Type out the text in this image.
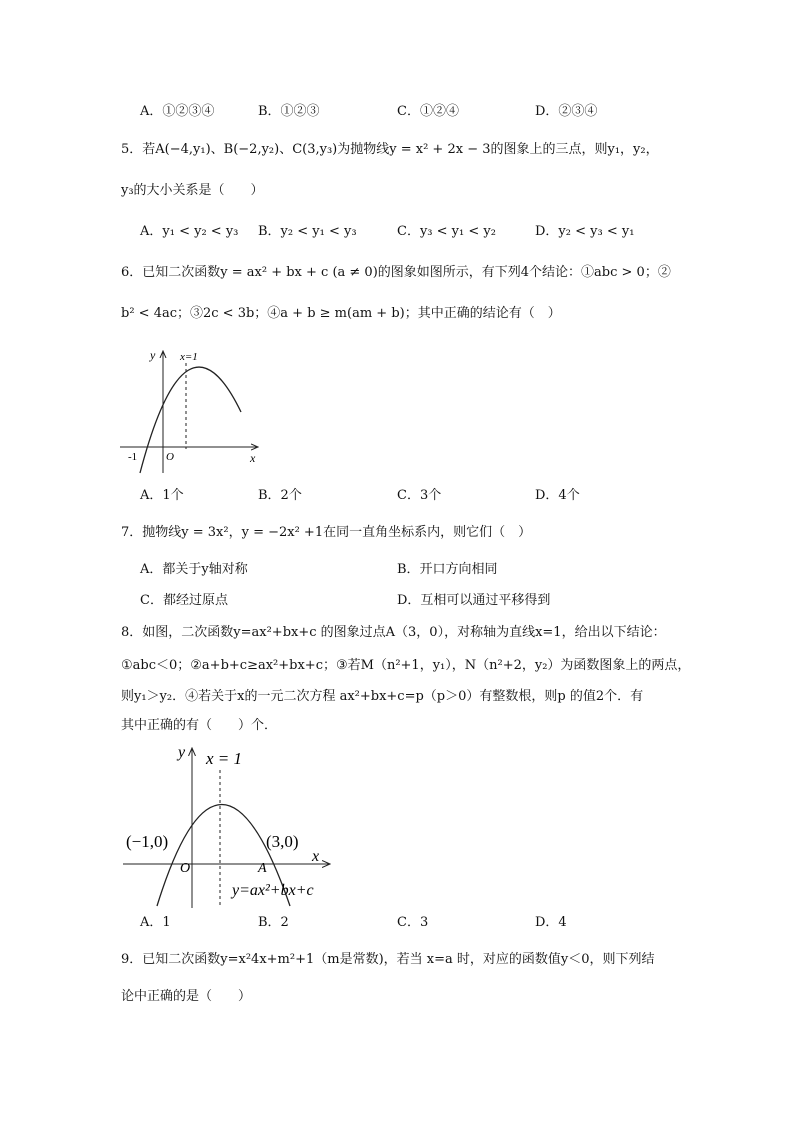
A．①②③④	B．①②③	C．①②④	D．②③④
5．若A(−4,y₁)、B(−2,y₂)、C(3,y₃)为抛物线y = x² + 2x − 3的图象上的三点，则y₁，y₂，
y₃的大小关系是（　　）
A．y₁ < y₂ < y₃ B．y₂ < y₁ < y₃	C．y₃ < y₁ < y₂	D．y₂ < y₃ < y₁
6．已知二次函数y = ax² + bx + c (a ≠ 0)的图象如图所示，有下列4个结论：①abc > 0；②
b² < 4ac；③2c < 3b；④a + b ≥ m(am + b)；其中正确的结论有（　）
y
x
x=1
O
-1
A．1个	B．2个	C．3个	D．4个
7．抛物线y = 3x²，y = −2x² +1在同一直角坐标系内，则它们（　）
A．都关于y轴对称	B．开口方向相同
C．都经过原点	D．互相可以通过平移得到
8．如图，二次函数y=ax²+bx+c 的图象过点A（3，0），对称轴为直线x=1，给出以下结论：
①abc＜0；②a+b+c≥ax²+bx+c；③若M（n²+1，y₁），N（n²+2，y₂）为函数图象上的两点，
则y₁＞y₂．④若关于x的一元二次方程 ax²+bx+c=p（p＞0）有整数根，则p 的值2个．有
其中正确的有（　　）个．
y
x
x = 1
(−1,0)	(3,0)
O	A
y=ax²+bx+c
A．1	B．2	C．3	D．4
9．已知二次函数y=x²4x+m²+1（m是常数)，若当 x=a 时，对应的函数值y＜0，则下列结
论中正确的是（　　）
